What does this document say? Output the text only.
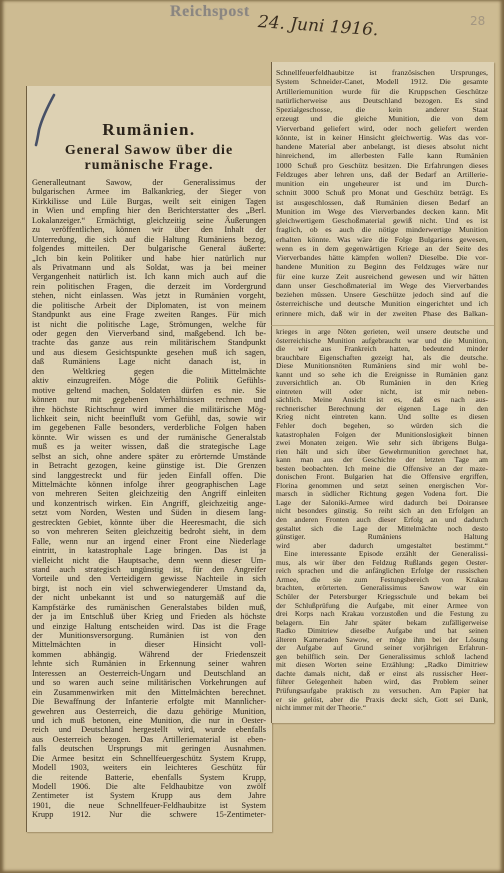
Reichspost
24. Juni 1916.	28
Rumänien.
General Sawow über die
rumänische Frage.
Generalleutnant Sawow, der Generalissimus der
bulgarischen Armee im Balkankrieg, der Sieger von
Kirkkilisse und Lüle Burgas, weilt seit einigen Tagen
in Wien und empfing hier den Berichterstatter des „Berl.
Lokalanzeiger.“ Ermächtigt, gleichzeitig seine Äußerungen
zu veröffentlichen, können wir über den Inhalt der
Unterredung, die sich auf die Haltung Rumäniens bezog,
folgendes mitteilen. Der bulgarische General äußerte:
„Ich bin kein Politiker und habe hier natürlich nur
als Privatmann und als Soldat, was ja bei meiner
Vergangenheit natürlich ist. Ich kann mich auch auf die
rein politischen Fragen, die derzeit im Vordergrund
stehen, nicht einlassen. Was jetzt in Rumänien vorgeht,
die politische Arbeit der Diplomaten, ist von meinem
Standpunkt aus eine Frage zweiten Ranges. Für mich
ist nicht die politische Lage, Strömungen, welche für
oder gegen den Vierverband sind, maßgebend. Ich be-
trachte das ganze aus rein militärischem Standpunkt
und aus diesem Gesichtspunkte gesehen muß ich sagen,
daß Rumäniens Lage nicht danach ist, in
den Weltkrieg gegen die Mittelmächte
aktiv einzugreifen. Möge die Politik Gefühls-
motive geltend machen, Soldaten dürfen es nie. Sie
können nur mit gegebenen Verhältnissen rechnen und
ihre höchste Richtschnur wird immer die militärische Mög-
lichkeit sein, nicht beeinflußt vom Gefühl, das, sowie wir
im gegebenen Falle besonders, verderbliche Folgen haben
könnte. Wir wissen es und der rumänische Generalstab
muß es ja weiter wissen, daß die strategische Lage
selbst an sich, ohne andere später zu erörternde Umstände
in Betracht gezogen, keine günstige ist. Die Grenzen
sind langgestreckt und für jeden Einfall offen. Die
Mittelmächte können infolge ihrer geographischen Lage
von mehreren Seiten gleichzeitig den Angriff einleiten
und konzentrisch wirken. Ein Angriff, gleichzeitig ange-
setzt vom Norden, Westen und Süden in diesem lang-
gestreckten Gebiet, könnte über die Heeresmacht, die sich
so von mehreren Seiten gleichzeitig bedroht sieht, in dem
Falle, wenn nur an irgend einer Front eine Niederlage
eintritt, in katastrophale Lage bringen. Das ist ja
vielleicht nicht die Hauptsache, denn wenn dieser Um-
stand auch strategisch ungünstig ist, für den Angreifer
Vorteile und den Verteidigern gewisse Nachteile in sich
birgt, ist noch ein viel schwerwiegenderer Umstand da,
der nicht unbekannt ist und so naturgemäß auf die
Kampfstärke des rumänischen Generalstabes bilden muß,
der ja im Entschluß über Krieg und Frieden als höchste
und einzige Haltung entscheiden wird. Das ist die Frage
der Munitionsversorgung. Rumänien ist von den
Mittelmächten in dieser Hinsicht voll-
kommen abhängig. Während der Friedenszeit
lehnte sich Rumänien in Erkennung seiner wahren
Interessen an Oesterreich-Ungarn und Deutschland an
und so waren auch seine militärischen Vorkehrungen auf
ein Zusammenwirken mit den Mittelmächten berechnet.
Die Bewaffnung der Infanterie erfolgte mit Mannlicher-
gewehren aus Oesterreich, die dazu gehörige Munition,
und ich muß betonen, eine Munition, die nur in Oester-
reich und Deutschland hergestellt wird, wurde ebenfalls
aus Oesterreich bezogen. Das Artilleriematerial ist eben-
falls deutschen Ursprungs mit geringen Ausnahmen.
Die Armee besitzt ein Schnellfeuergeschütz System Krupp,
Modell 1903, weiters ein leichteres Geschütz für
die reitende Batterie, ebenfalls System Krupp,
Modell 1906. Die alte Feldhaubitze von zwölf
Zentimeter ist System Krupp aus dem Jahre
1901, die neue Schnellfeuer-Feldhaubitze ist System
Krupp 1912. Nur die schwere 15-Zentimeter-
Schnellfeuerfeldhaubitze ist französischen Ursprunges,
System Schneider-Canet, Modell 1912. Die gesamte
Artilleriemunition wurde für die Kruppschen Geschütze
natürlicherweise aus Deutschland bezogen. Es sind
Spezialgeschosse, die kein anderer Staat
erzeugt und die gleiche Munition, die von dem
Vierverband geliefert wird, oder noch geliefert werden
könnte, ist in keiner Hinsicht gleichwertig. Was das vor-
handene Material aber anbelangt, ist dieses absolut nicht
hinreichend, im allerbesten Falle kann Rumänien
1000 Schuß pro Geschütz besitzen. Die Erfahrungen dieses
Feldzuges aber lehren uns, daß der Bedarf an Artillerie-
munition ein ungeheurer ist und im Durch-
schnitt 3000 Schuß pro Monat und Geschütz beträgt. Es
ist ausgeschlossen, daß Rumänien diesen Bedarf an
Munition im Wege des Vierverbandes decken kann. Mit
gleichwertigem Geschoßmaterial gewiß nicht. Und es ist
fraglich, ob es auch die nötige minderwertige Munition
erhalten könnte. Was wäre die Folge Bulgariens gewesen,
wenn es in dem gegenwärtigen Kriege an der Seite des
Vierverbandes hätte kämpfen wollen? Dieselbe. Die vor-
handene Munition zu Beginn des Feldzuges wäre nur
für eine kurze Zeit ausreichend gewesen und wir hätten
dann unser Geschoßmaterial im Wege des Vierverbandes
beziehen müssen. Unsere Geschütze jedoch sind auf die
österreichische und deutsche Munition eingerichtet und ich
erinnere mich, daß wir in der zweiten Phase des Balkan-
krieges in arge Nöten gerieten, weil unsere deutsche und
österreichische Munition aufgebraucht war und die Munition,
die wir aus Frankreich hatten, bedeutend minder
brauchbare Eigenschaften gezeigt hat, als die deutsche.
Diese Munitionsnöten Rumäniens sind mir wohl be-
kannt und so sehe ich die Ereignisse in Rumänien ganz
zuversichtlich an. Ob Rumänien in den Krieg
eintreten will oder nicht, ist mir neben-
sächlich. Meine Ansicht ist es, daß es nach aus-
rechnerischer Berechnung der eigenen Lage in den
Krieg nicht eintreten kann. Und sollte es diesen
Fehler doch begehen, so würden sich die
katastrophalen Folgen der Munitionslosigkeit binnen
zwei Monaten zeigen. Wie sehr sich übrigens Bulga-
rien hält und sich über Gewehrmunition gerechnet hat,
kann man aus der Geschichte der letzten Tage am
besten beobachten. Ich meine die Offensive an der maze-
donischen Front. Bulgarien hat die Offensive ergriffen,
Florina genommen und setzt seinen energischen Vor-
marsch in südlicher Richtung gegen Vodena fort. Die
Lage der Saloniki-Armee wird dadurch bei Doiransee
nicht besonders günstig. So reiht sich an den Erfolgen an
den anderen Fronten auch dieser Erfolg an und dadurch
gestaltet sich die Lage der Mittelmächte noch desto
günstiger. Rumäniens Haltung
wird aber dadurch umgestaltet bestimmt.“
Eine interessante Episode erzählt der Generalissi-
mus, als wir über den Feldzug Rußlands gegen Oester-
reich sprachen und die anfänglichen Erfolge der russischen
Armee, die sie zum Festungsbereich von Krakau
brachten, erörterten. Generalissimus Sawow war ein
Schüler der Petersburger Kriegsschule und bekam bei
der Schlußprüfung die Aufgabe, mit einer Armee von
drei Korps nach Krakau vorzustoßen und die Festung zu
belagern. Ein Jahr später bekam zufälligerweise
Radko Dimitriew dieselbe Aufgabe und bat seinen
älteren Kameraden Sawow, er möge ihm bei der Lösung
der Aufgabe auf Grund seiner vorjährigen Erfahrun-
gen behilflich sein. Der Generalissimus schloß lachend
mit diesen Worten seine Erzählung: „Radko Dimitriew
dachte damals nicht, daß er einst als russischer Heer-
führer Gelegenheit haben wird, das Problem seiner
Prüfungsaufgabe praktisch zu versuchen. Am Papier hat
er sie gelöst, aber die Praxis deckt sich, Gott sei Dank,
nicht immer mit der Theorie.“
